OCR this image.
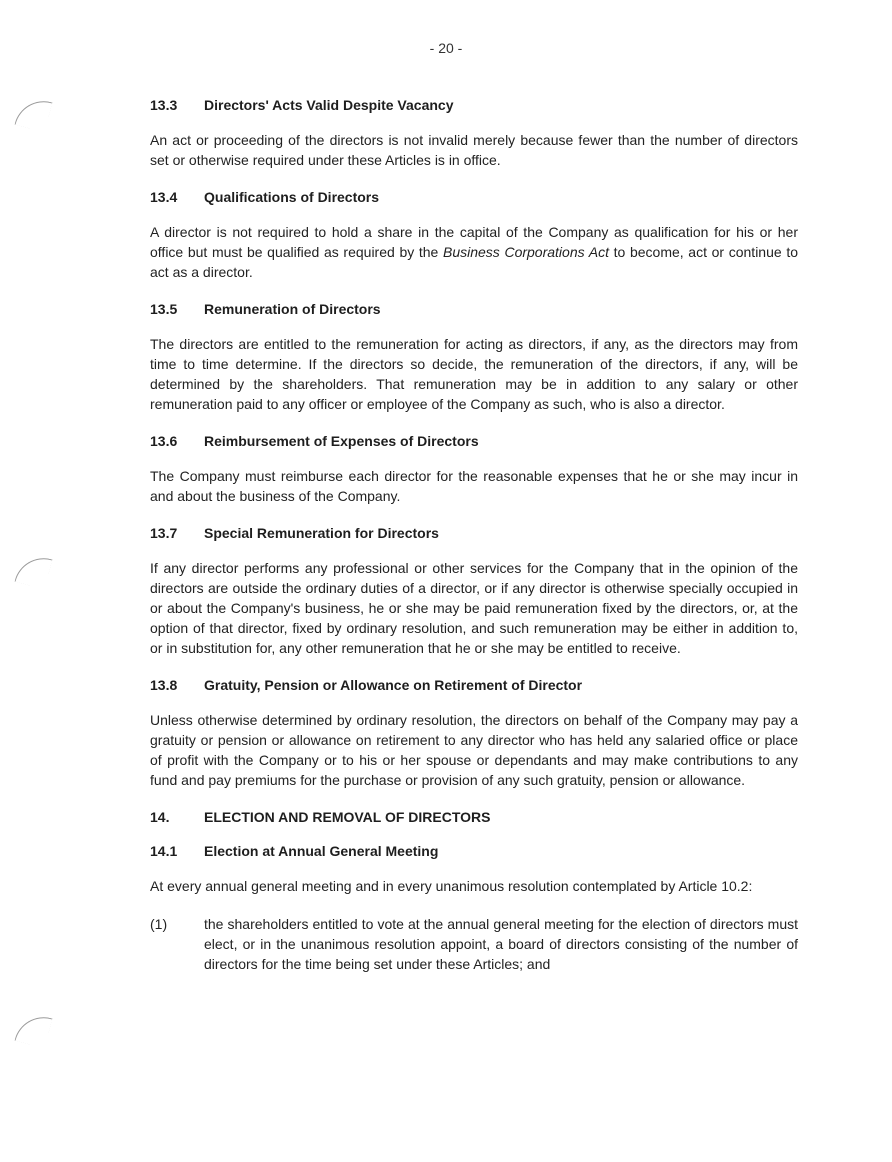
- 20 -
13.3	Directors' Acts Valid Despite Vacancy

An act or proceeding of the directors is not invalid merely because fewer than the number of directors set or otherwise required under these Articles is in office.

13.4	Qualifications of Directors

A director is not required to hold a share in the capital of the Company as qualification for his or her office but must be qualified as required by the Business Corporations Act to become, act or continue to act as a director.

13.5	Remuneration of Directors

The directors are entitled to the remuneration for acting as directors, if any, as the directors may from time to time determine. If the directors so decide, the remuneration of the directors, if any, will be determined by the shareholders. That remuneration may be in addition to any salary or other remuneration paid to any officer or employee of the Company as such, who is also a director.

13.6	Reimbursement of Expenses of Directors

The Company must reimburse each director for the reasonable expenses that he or she may incur in and about the business of the Company.

13.7	Special Remuneration for Directors

If any director performs any professional or other services for the Company that in the opinion of the directors are outside the ordinary duties of a director, or if any director is otherwise specially occupied in or about the Company's business, he or she may be paid remuneration fixed by the directors, or, at the option of that director, fixed by ordinary resolution, and such remuneration may be either in addition to, or in substitution for, any other remuneration that he or she may be entitled to receive.

13.8	Gratuity, Pension or Allowance on Retirement of Director

Unless otherwise determined by ordinary resolution, the directors on behalf of the Company may pay a gratuity or pension or allowance on retirement to any director who has held any salaried office or place of profit with the Company or to his or her spouse or dependants and may make contributions to any fund and pay premiums for the purchase or provision of any such gratuity, pension or allowance.

14.	ELECTION AND REMOVAL OF DIRECTORS
14.1	Election at Annual General Meeting

At every annual general meeting and in every unanimous resolution contemplated by Article 10.2:

(1)	the shareholders entitled to vote at the annual general meeting for the election of directors must elect, or in the unanimous resolution appoint, a board of directors consisting of the number of directors for the time being set under these Articles; and
